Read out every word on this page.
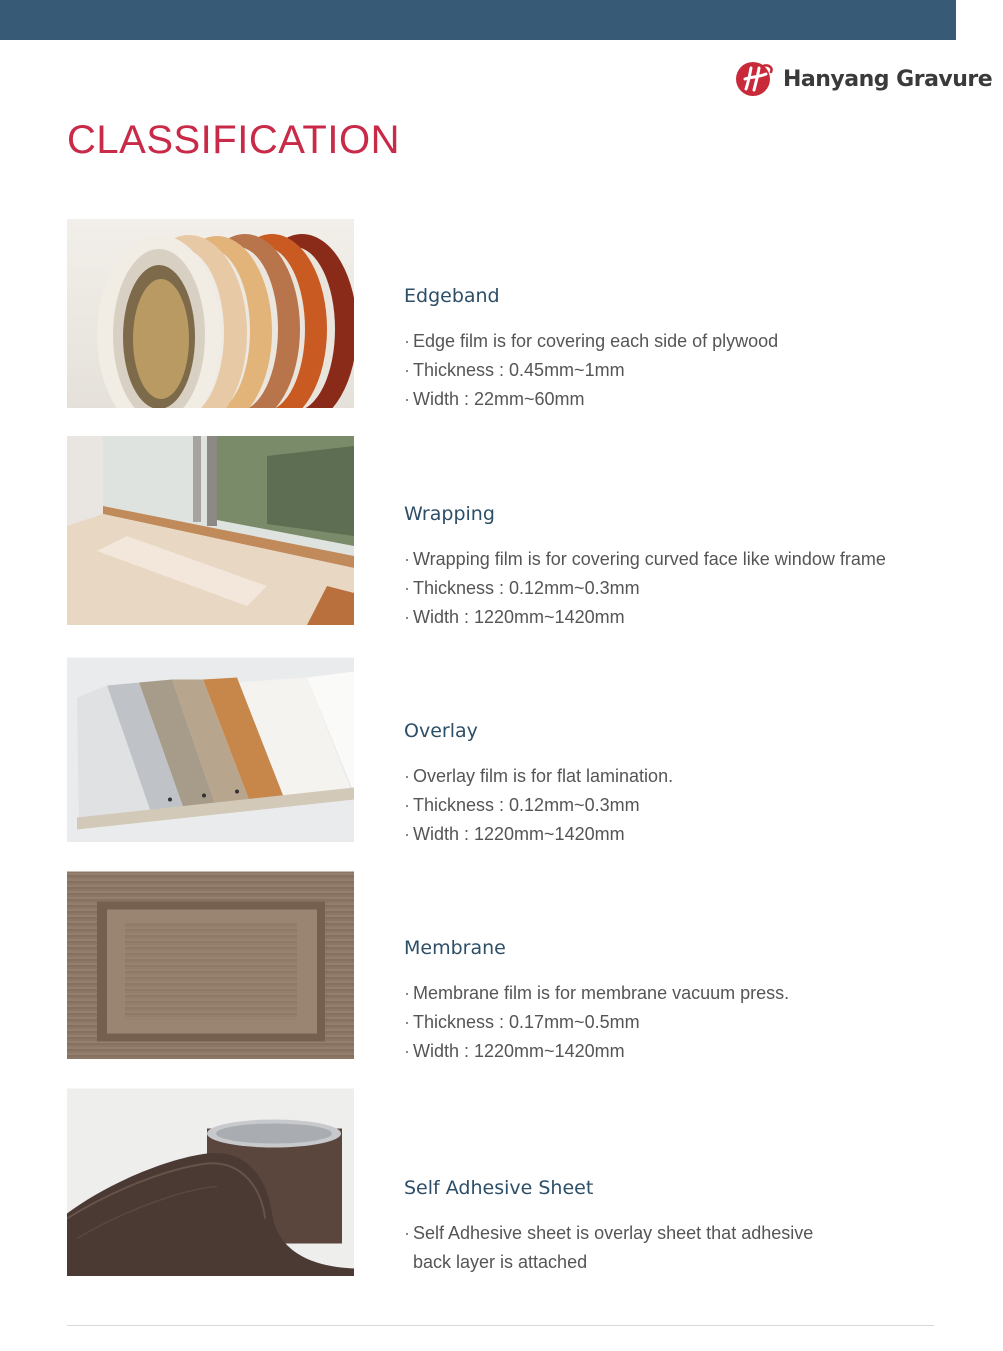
Hanyang Gravure
CLASSIFICATION
Edgeband
· Edge film is for covering each side of plywood
· Thickness : 0.45mm~1mm
· Width : 22mm~60mm
Wrapping
· Wrapping film is for covering curved face like window frame
· Thickness : 0.12mm~0.3mm
· Width : 1220mm~1420mm
Overlay
· Overlay film is for flat lamination.
· Thickness : 0.12mm~0.3mm
· Width : 1220mm~1420mm
Membrane
· Membrane film is for membrane vacuum press.
· Thickness : 0.17mm~0.5mm
· Width : 1220mm~1420mm
Self Adhesive Sheet
· Self Adhesive sheet is overlay sheet that adhesive
back layer is attached
